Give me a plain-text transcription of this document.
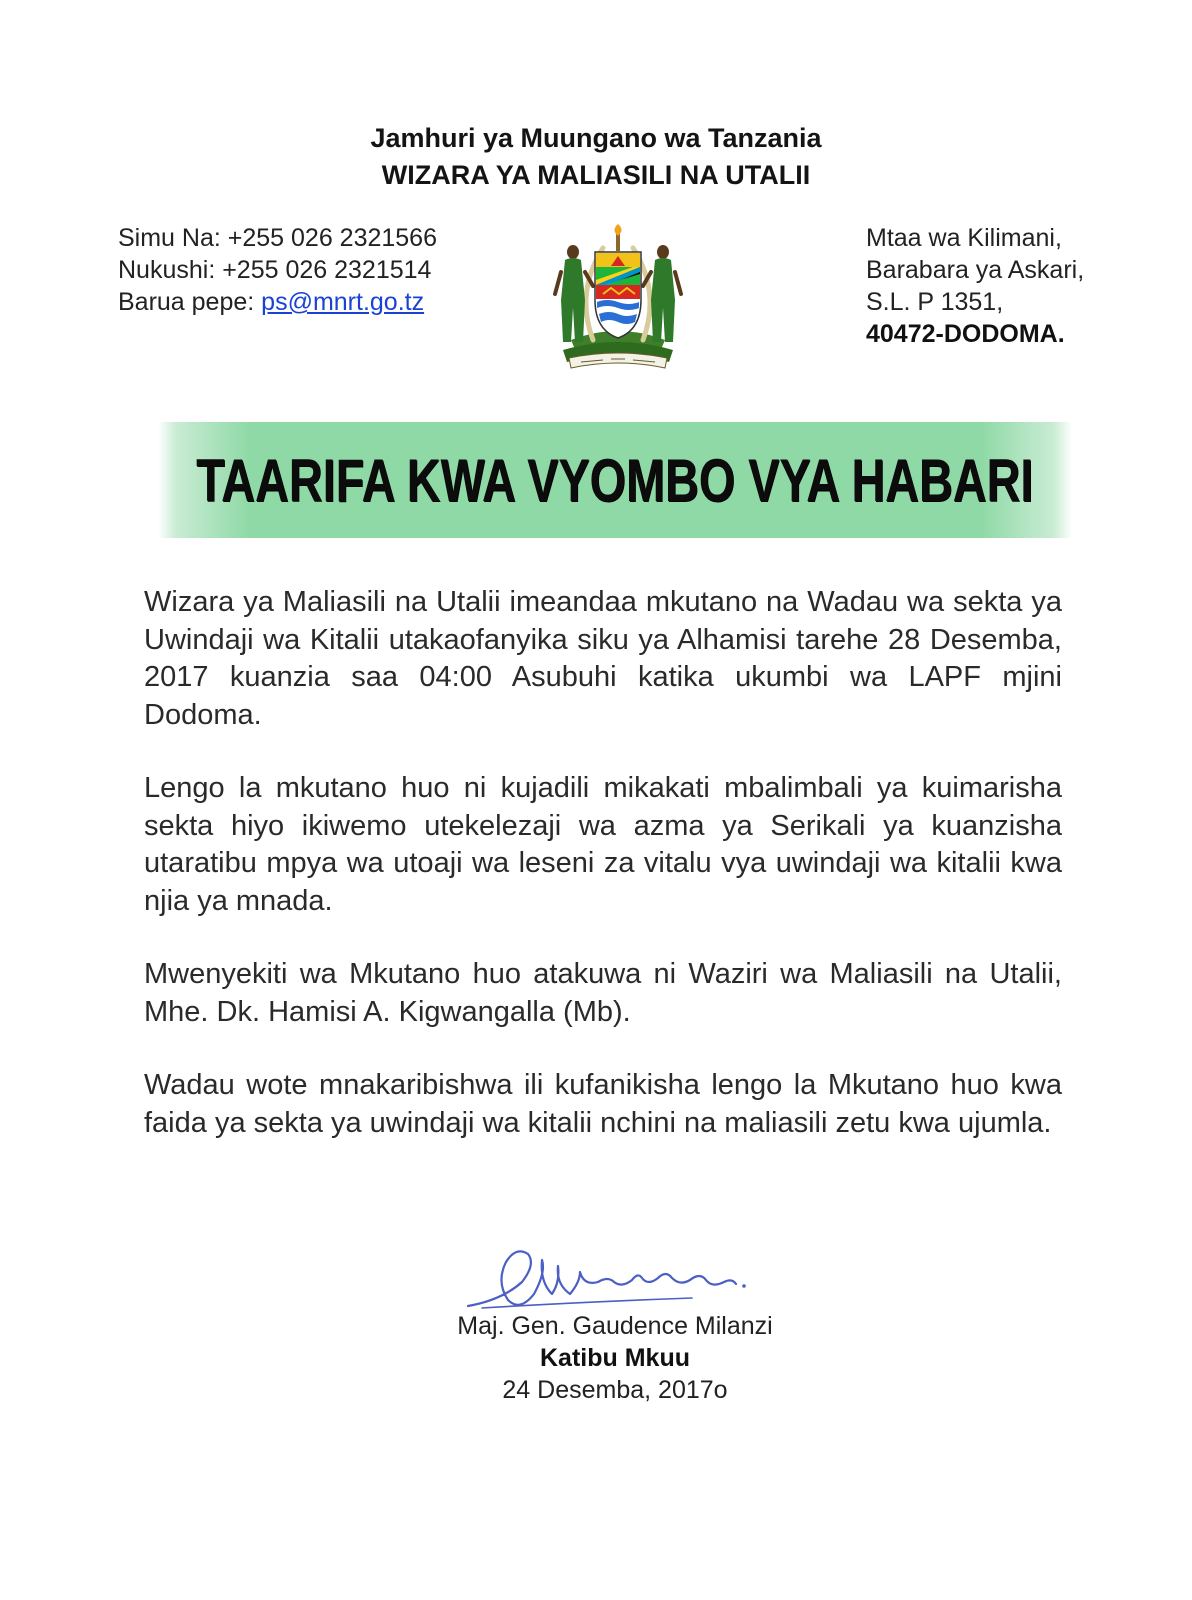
Jamhuri ya Muungano wa Tanzania
WIZARA YA MALIASILI NA UTALII
Simu Na: +255 026 2321566
Nukushi: +255 026 2321514
Barua pepe: ps@mnrt.go.tz
Mtaa wa Kilimani,
Barabara ya Askari,
S.L. P 1351,
40472-DODOMA.
TAARIFA KWA VYOMBO VYA HABARI

Wizara ya Maliasili na Utalii imeandaa mkutano na Wadau wa sekta ya Uwindaji wa Kitalii utakaofanyika siku ya Alhamisi tarehe 28 Desemba, 2017 kuanzia saa 04:00 Asubuhi katika ukumbi wa LAPF mjini Dodoma.

Lengo la mkutano huo ni kujadili mikakati mbalimbali ya kuimarisha sekta hiyo ikiwemo utekelezaji wa azma ya Serikali ya kuanzisha utaratibu mpya wa utoaji wa leseni za vitalu vya uwindaji wa kitalii kwa njia ya mnada.

Mwenyekiti wa Mkutano huo atakuwa ni Waziri wa Maliasili na Utalii, Mhe. Dk. Hamisi A. Kigwangalla (Mb).

Wadau wote mnakaribishwa ili kufanikisha lengo la Mkutano huo kwa faida ya sekta ya uwindaji wa kitalii nchini na maliasili zetu kwa ujumla.

Maj. Gen. Gaudence Milanzi
Katibu Mkuu
24 Desemba, 2017o
